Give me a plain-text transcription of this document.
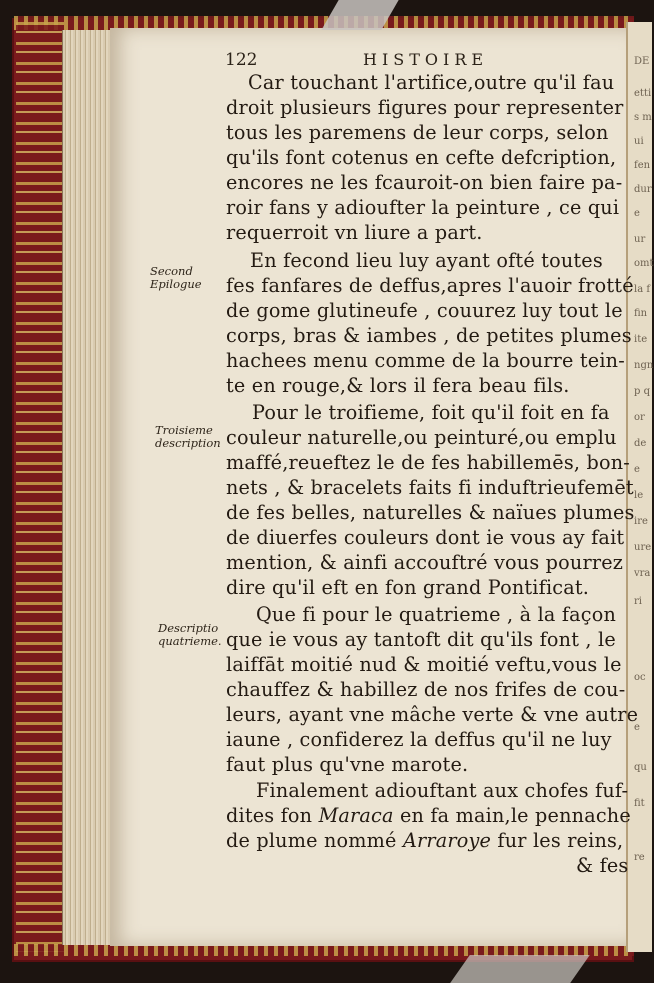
DE
etti
s m
ui
fen
dur
e
ur
omt
la f
fin
ite
ngn
p q
or
de
e
le
ire
ure
vra
ri
oc
e
qu
fit
re
122	HISTOIRE
Second
Epilogue
Troisieme
description
Descriptio
quatrieme.
Car touchant l'artifice,outre qu'il fau
droit plusieurs figures pour representer
tous les paremens de leur corps, selon
qu'ils font cotenus en cefte defcription,
encores ne les fcauroit-on bien faire pa-
roir fans y adioufter la peinture , ce qui
requerroit vn liure a part.
En fecond lieu luy ayant ofté toutes
fes fanfares de deffus,apres l'auoir frotté
de gome glutineufe , couurez luy tout le
corps, bras & iambes , de petites plumes
hachees menu comme de la bourre tein-
te en rouge,& lors il fera beau fils.
Pour le troifieme, foit qu'il foit en fa
couleur naturelle,ou peinturé,ou emplu
maffé,reueftez le de fes habillemēs, bon-
nets , & bracelets faits fi induftrieufemēt
de fes belles, naturelles & naïues plumes
de diuerfes couleurs dont ie vous ay fait
mention, & ainfi accouftré vous pourrez
dire qu'il eft en fon grand Pontificat.
Que fi pour le quatrieme , à la façon
que ie vous ay tantoft dit qu'ils font , le
laiffāt moitié nud & moitié veftu,vous le
chauffez & habillez de nos frifes de cou-
leurs, ayant vne mâche verte & vne autre
iaune , confiderez la deffus qu'il ne luy
faut plus qu'vne marote.
Finalement adiouftant aux chofes fuf-
dites fon Maraca en fa main,le pennache
de plume nommé Arraroye fur les reins,
& fes
